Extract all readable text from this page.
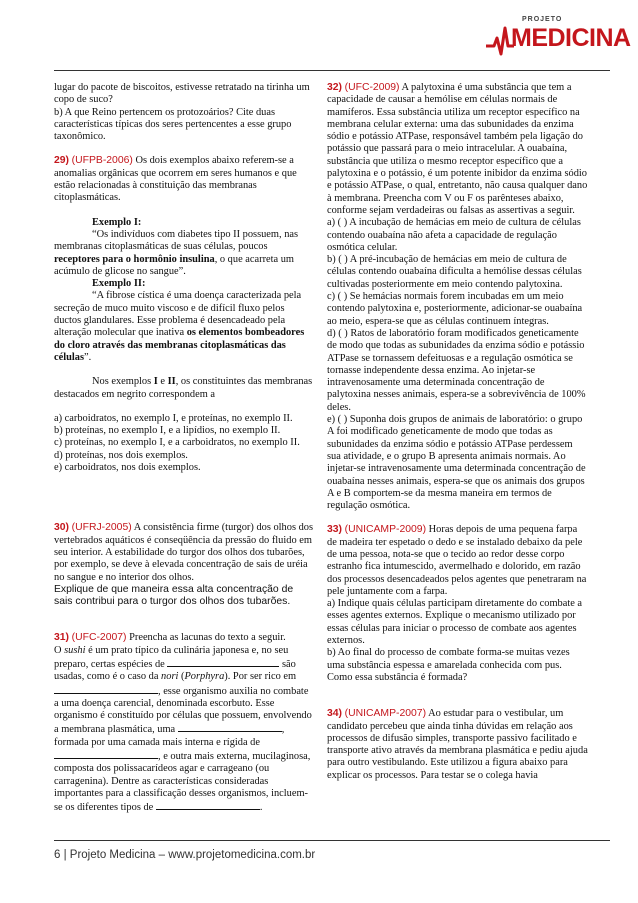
PROJETO
MEDICINA

lugar do pacote de biscoitos, estivesse retratado na tirinha um copo de suco?

b) A que Reino pertencem os protozoários? Cite duas características típicas dos seres pertencentes a esse grupo taxonômico.

29) (UFPB-2006) Os dois exemplos abaixo referem-se a anomalias orgânicas que ocorrem em seres humanos e que estão relacionadas à constituição das membranas citoplasmáticas.

Exemplo I:

“Os indivíduos com diabetes tipo II possuem, nas membranas citoplasmáticas de suas células, poucos receptores para o hormônio insulina, o que acarreta um acúmulo de glicose no sangue”.

Exemplo II:

“A fibrose cística é uma doença caracterizada pela secreção de muco muito viscoso e de difícil fluxo pelos ductos glandulares. Esse problema é desencadeado pela alteração molecular que inativa os elementos bombeadores do cloro através das membranas citoplasmáticas das células”.

Nos exemplos I e II, os constituintes das membranas destacados em negrito correspondem a

a) carboidratos, no exemplo I, e proteínas, no exemplo II.

b) proteínas, no exemplo I, e a lipídios, no exemplo II.

c) proteínas, no exemplo I, e a carboidratos, no exemplo II.

d) proteínas, nos dois exemplos.

e) carboidratos, nos dois exemplos.

30) (UFRJ-2005) A consistência firme (turgor) dos olhos dos vertebrados aquáticos é conseqüência da pressão do fluido em seu interior. A estabilidade do turgor dos olhos dos tubarões, por exemplo, se deve à elevada concentração de sais de uréia no sangue e no interior dos olhos.

Explique de que maneira essa alta concentração de sais contribui para o turgor dos olhos dos tubarões.

31) (UFC-2007) Preencha as lacunas do texto a seguir.

O sushi é um prato típico da culinária japonesa e, no seu preparo, certas espécies de	são usadas, como é o caso da nori (Porphyra). Por ser rico em , esse organismo auxilia no combate a uma doença carencial, denominada escorbuto. Esse organismo é constituído por células que possuem, envolvendo a membrana plasmática, uma	, formada por uma camada mais interna e rígida de , e outra mais externa, mucilaginosa, composta dos polissacarídeos agar e carrageano (ou carragenina). Dentre as características consideradas importantes para a classificação desses organismos, incluem-se os diferentes tipos de	.

32) (UFC-2009) A palytoxina é uma substância que tem a capacidade de causar a hemólise em células normais de mamíferos. Essa substância utiliza um receptor específico na membrana celular externa: uma das subunidades da enzima sódio e potássio ATPase, responsável também pela ligação do potássio que passará para o meio intracelular. A ouabaína, substância que utiliza o mesmo receptor específico que a palytoxina e o potássio, é um potente inibidor da enzima sódio e potássio ATPase, o qual, entretanto, não causa qualquer dano à membrana. Preencha com V ou F os parênteses abaixo, conforme sejam verdadeiras ou falsas as assertivas a seguir.

a) ( ) A incubação de hemácias em meio de cultura de células contendo ouabaína não afeta a capacidade de regulação osmótica celular.

b) ( ) A pré-incubação de hemácias em meio de cultura de células contendo ouabaína dificulta a hemólise dessas células cultivadas posteriormente em meio contendo palytoxina.

c) ( ) Se hemácias normais forem incubadas em um meio contendo palytoxina e, posteriormente, adicionar-se ouabaína ao meio, espera-se que as células continuem íntegras.

d) ( ) Ratos de laboratório foram modificados geneticamente de modo que todas as subunidades da enzima sódio e potássio ATPase se tornassem defeituosas e a regulação osmótica se tornasse independente dessa enzima. Ao injetar-se intravenosamente uma determinada concentração de palytoxina nesses animais, espera-se a sobrevivência de 100% deles.

e) ( ) Suponha dois grupos de animais de laboratório: o grupo A foi modificado geneticamente de modo que todas as subunidades da enzima sódio e potássio ATPase perdessem sua atividade, e o grupo B apresenta animais normais. Ao injetar-se intravenosamente uma determinada concentração de ouabaína nesses animais, espera-se que os animais dos grupos A e B comportem-se da mesma maneira em termos de regulação osmótica.

33) (UNICAMP-2009) Horas depois de uma pequena farpa de madeira ter espetado o dedo e se instalado debaixo da pele de uma pessoa, nota-se que o tecido ao redor desse corpo estranho fica intumescido, avermelhado e dolorido, em razão dos processos desencadeados pelos agentes que penetraram na pele juntamente com a farpa.

a) Indique quais células participam diretamente do combate a esses agentes externos. Explique o mecanismo utilizado por essas células para iniciar o processo de combate aos agentes externos.

b) Ao final do processo de combate forma-se muitas vezes uma substância espessa e amarelada conhecida com pus. Como essa substância é formada?

34) (UNICAMP-2007) Ao estudar para o vestibular, um candidato percebeu que ainda tinha dúvidas em relação aos processos de difusão simples, transporte passivo facilitado e transporte ativo através da membrana plasmática e pediu ajuda para outro vestibulando. Este utilizou a figura abaixo para explicar os processos. Para testar se o colega havia

6 | Projeto Medicina – www.projetomedicina.com.br
